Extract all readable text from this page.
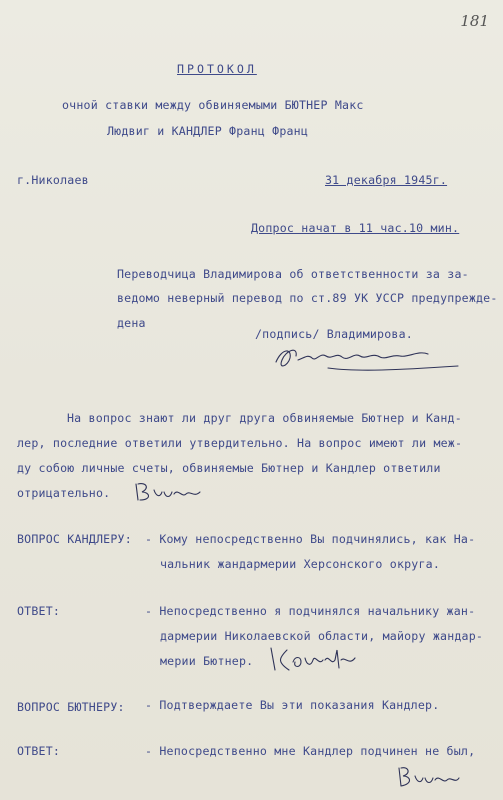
181
ПРОТОКОЛ
очной ставки между обвиняемыми БЮТНЕР Макс
Людвиг и КАНДЛЕР Франц Франц
г.Николаев	31 декабря 1945г.
Допрос начат в 11 час.10 мин.
Переводчица Владимирова об ответственности за за-
ведомо неверный перевод по ст.89 УК УССР предупрежде-
дена
/подпись/ Владимирова.
На вопрос знают ли друг друга обвиняемые Бютнер и Канд-
лер, последние ответили утвердительно. На вопрос имеют ли меж-
ду собою личные счеты, обвиняемые Бютнер и Кандлер ответили
отрицательно.
ВОПРОС КАНДЛЕРУ: - Кому непосредственно Вы подчинялись, как На-
чальник жандармерии Херсонского округа.
ОТВЕТ:	- Непосредственно я подчинялся начальнику жан-
дармерии Николаевской области, майору жандар-
мерии Бютнер.
ВОПРОС БЮТНЕРУ: - Подтверждаете Вы эти показания Кандлер.
ОТВЕТ:	- Непосредственно мне Кандлер подчинен не был,
